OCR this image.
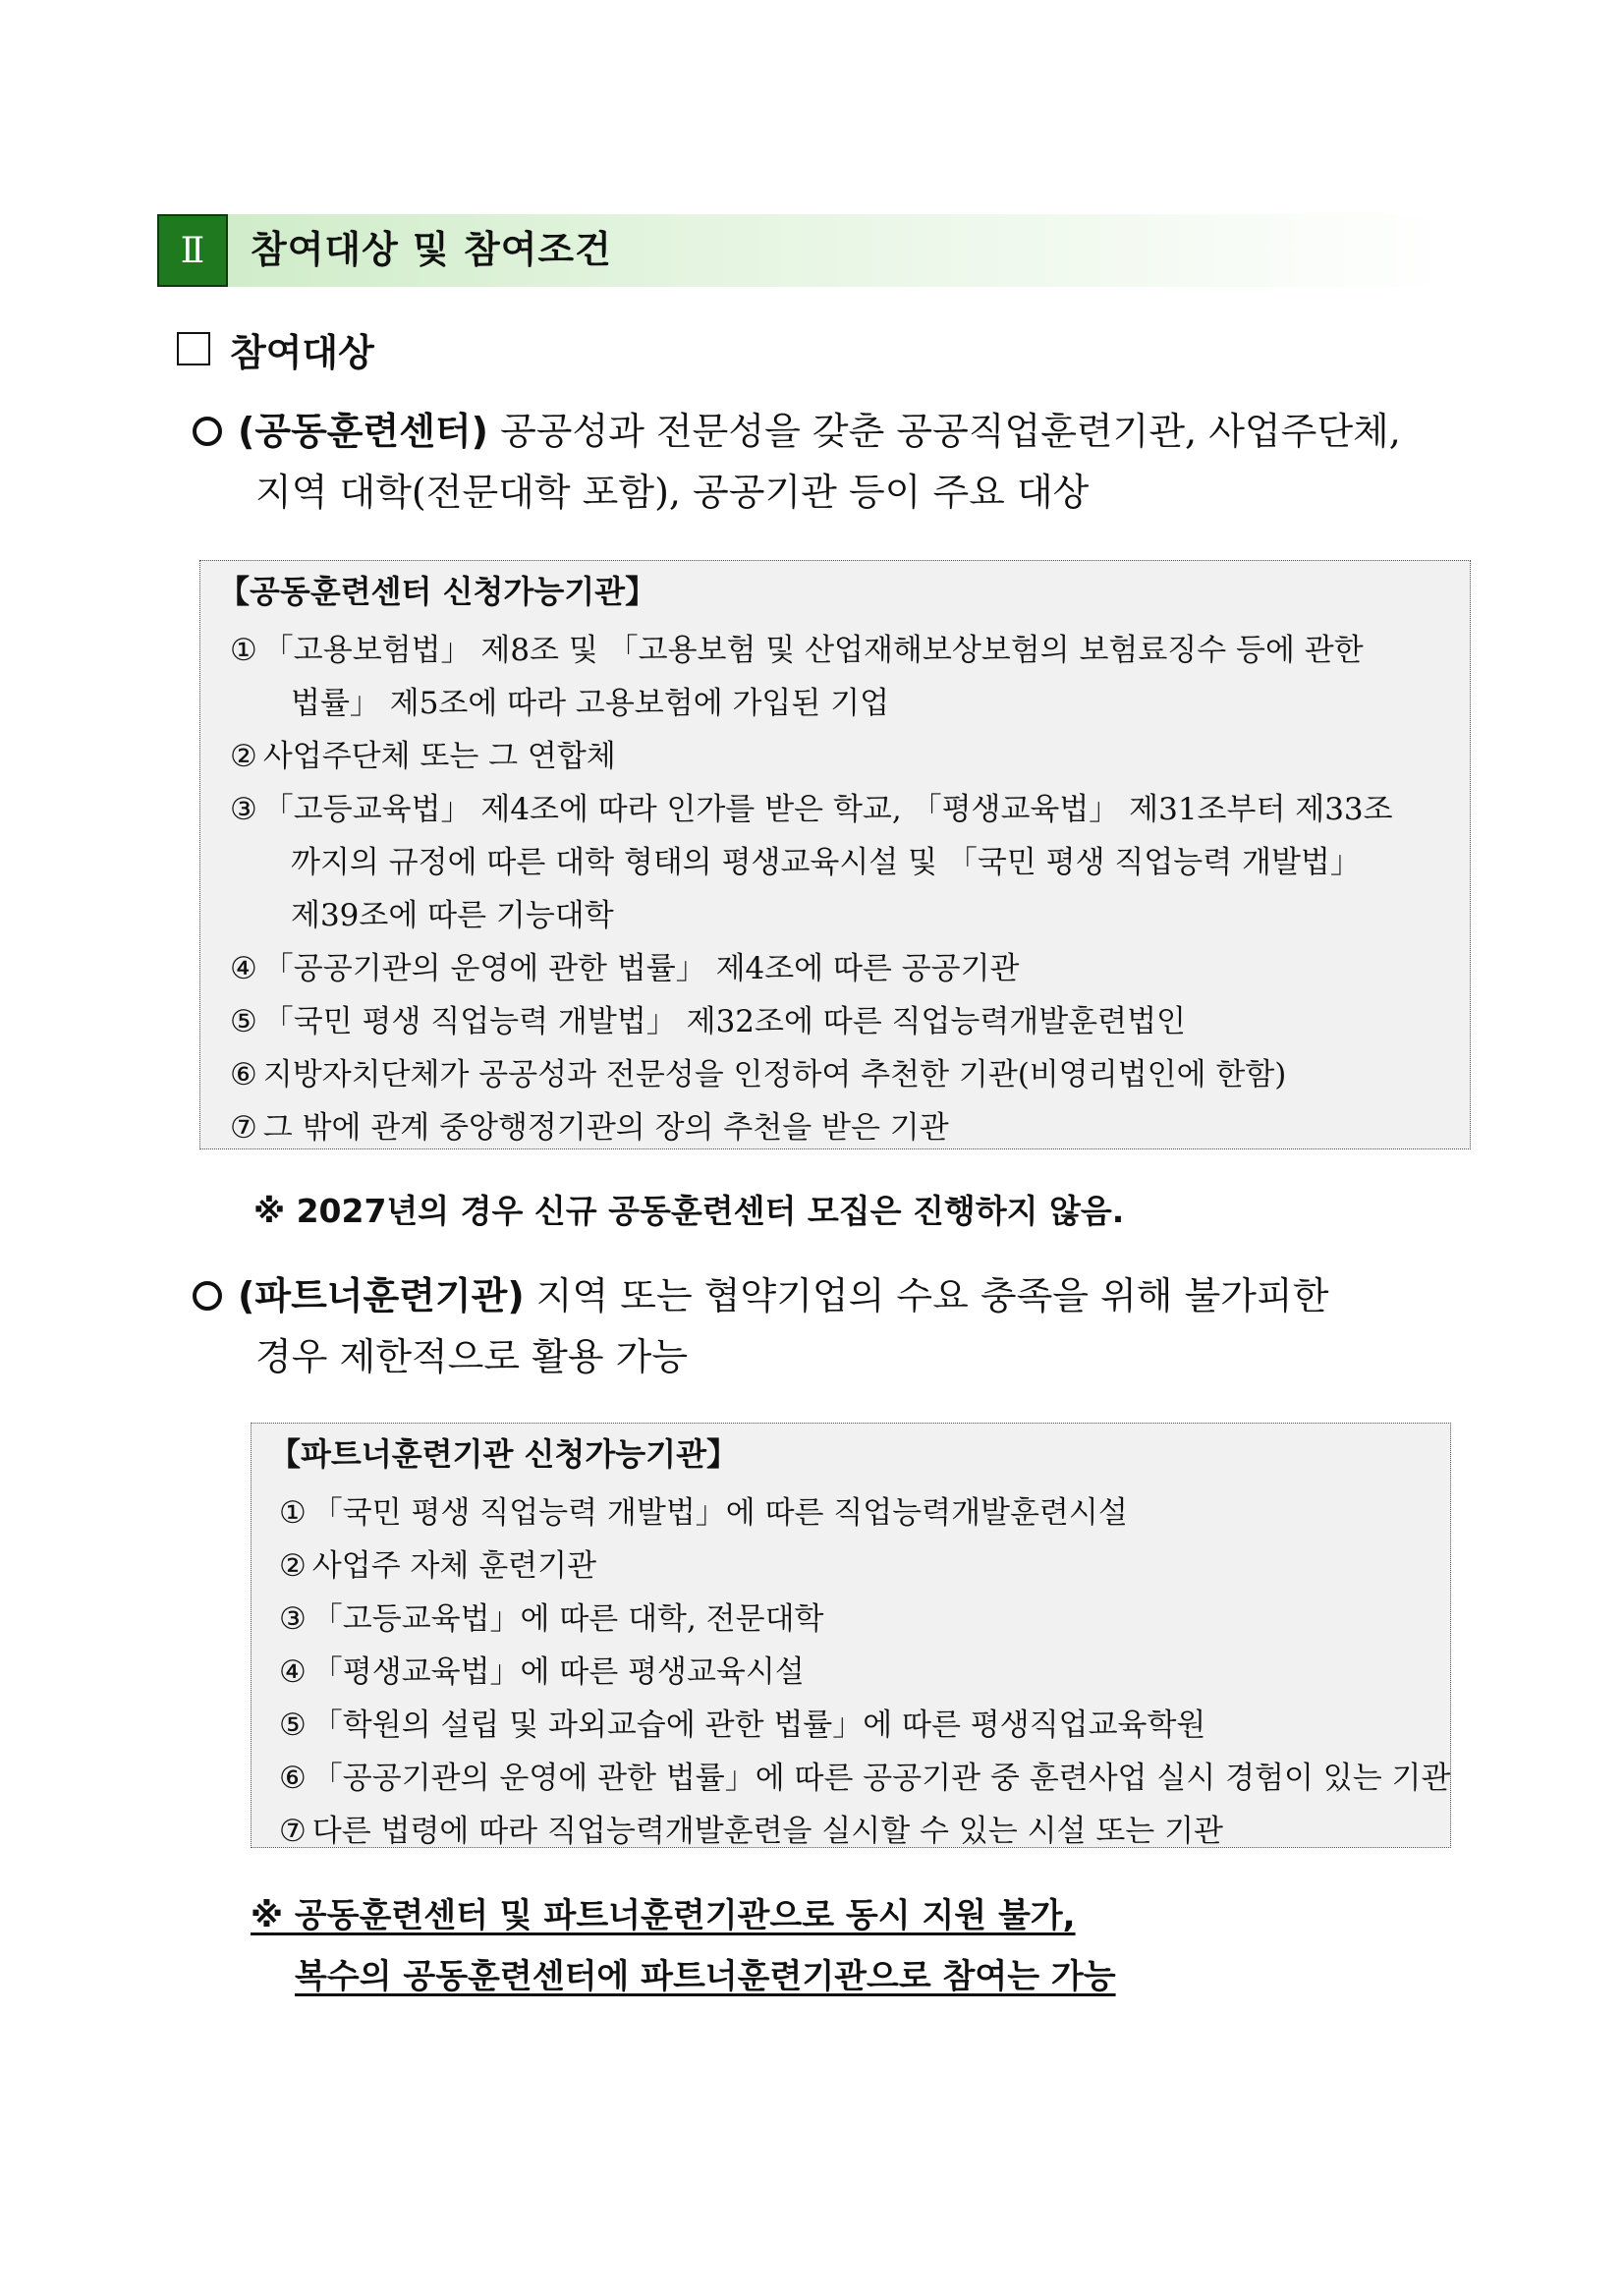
Ⅱ	참여대상 및 참여조건
참여대상
(공동훈련센터) 공공성과 전문성을 갖춘 공공직업훈련기관, 사업주단체,
지역 대학(전문대학 포함), 공공기관 등이 주요 대상
【공동훈련센터 신청가능기관】
① 「고용보험법」 제8조 및 「고용보험 및 산업재해보상보험의 보험료징수 등에 관한
법률」 제5조에 따라 고용보험에 가입된 기업
② 사업주단체 또는 그 연합체
③ 「고등교육법」 제4조에 따라 인가를 받은 학교, 「평생교육법」 제31조부터 제33조
까지의 규정에 따른 대학 형태의 평생교육시설 및 「국민 평생 직업능력 개발법」
제39조에 따른 기능대학
④ 「공공기관의 운영에 관한 법률」 제4조에 따른 공공기관
⑤ 「국민 평생 직업능력 개발법」 제32조에 따른 직업능력개발훈련법인
⑥ 지방자치단체가 공공성과 전문성을 인정하여 추천한 기관(비영리법인에 한함)
⑦ 그 밖에 관계 중앙행정기관의 장의 추천을 받은 기관
※ 2027년의 경우 신규 공동훈련센터 모집은 진행하지 않음.
(파트너훈련기관) 지역 또는 협약기업의 수요 충족을 위해 불가피한
경우 제한적으로 활용 가능
【파트너훈련기관 신청가능기관】
① 「국민 평생 직업능력 개발법」에 따른 직업능력개발훈련시설
② 사업주 자체 훈련기관
③ 「고등교육법」에 따른 대학, 전문대학
④ 「평생교육법」에 따른 평생교육시설
⑤ 「학원의 설립 및 과외교습에 관한 법률」에 따른 평생직업교육학원
⑥ 「공공기관의 운영에 관한 법률」에 따른 공공기관 중 훈련사업 실시 경험이 있는 기관
⑦ 다른 법령에 따라 직업능력개발훈련을 실시할 수 있는 시설 또는 기관
※ 공동훈련센터 및 파트너훈련기관으로 동시 지원 불가,
복수의 공동훈련센터에 파트너훈련기관으로 참여는 가능
